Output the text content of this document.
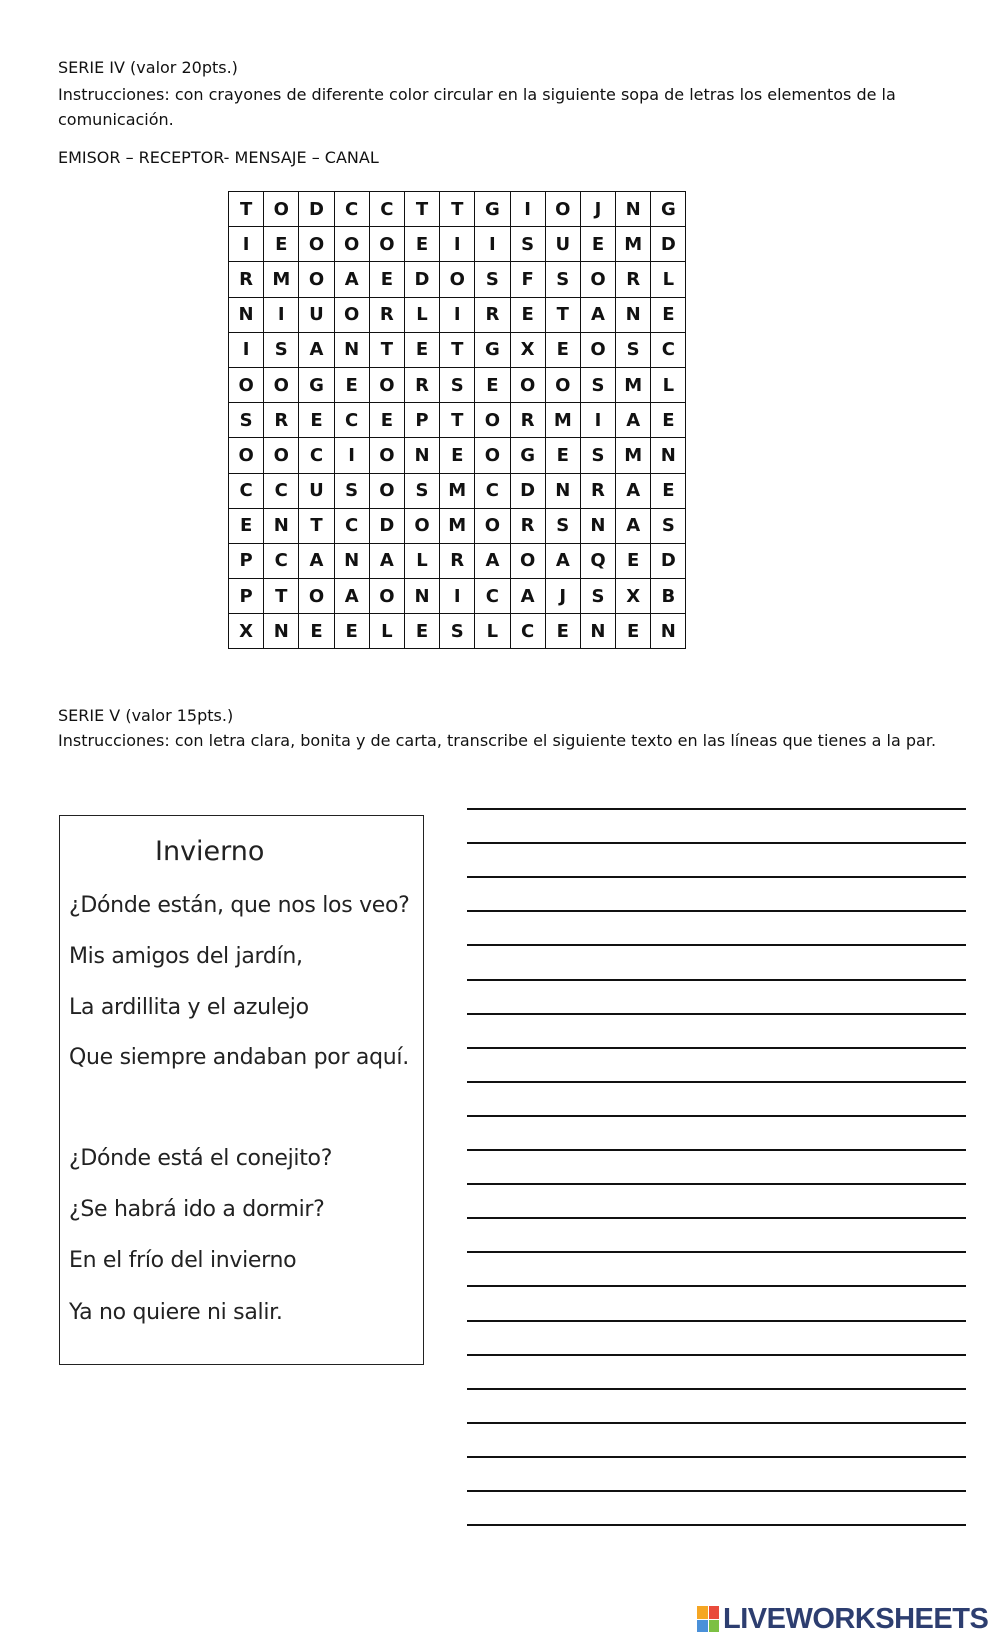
SERIE IV (valor 20pts.)

Instrucciones: con crayones de diferente color circular en la siguiente sopa de letras los elementos de la comunicación.

EMISOR – RECEPTOR- MENSAJE – CANAL

T	O	D	C	C	T	T	G	I	O	J	N	G
I	E	O	O	O	E	I	I	S	U	E	M	D
R	M	O	A	E	D	O	S	F	S	O	R	L
N	I	U	O	R	L	I	R	E	T	A	N	E
I	S	A	N	T	E	T	G	X	E	O	S	C
O	O	G	E	O	R	S	E	O	O	S	M	L
S	R	E	C	E	P	T	O	R	M	I	A	E
O	O	C	I	O	N	E	O	G	E	S	M	N
C	C	U	S	O	S	M	C	D	N	R	A	E
E	N	T	C	D	O	M	O	R	S	N	A	S
P	C	A	N	A	L	R	A	O	A	Q	E	D
P	T	O	A	O	N	I	C	A	J	S	X	B
X	N	E	E	L	E	S	L	C	E	N	E	N

SERIE V (valor 15pts.)

Instrucciones: con letra clara, bonita y de carta, transcribe el siguiente texto en las líneas que tienes a la par.

Invierno
¿Dónde están, que nos los veo?
Mis amigos del jardín,
La ardillita y el azulejo
Que siempre andaban por aquí.
¿Dónde está el conejito?
¿Se habrá ido a dormir?
En el frío del invierno
Ya no quiere ni salir.
LIVEWORKSHEETS
